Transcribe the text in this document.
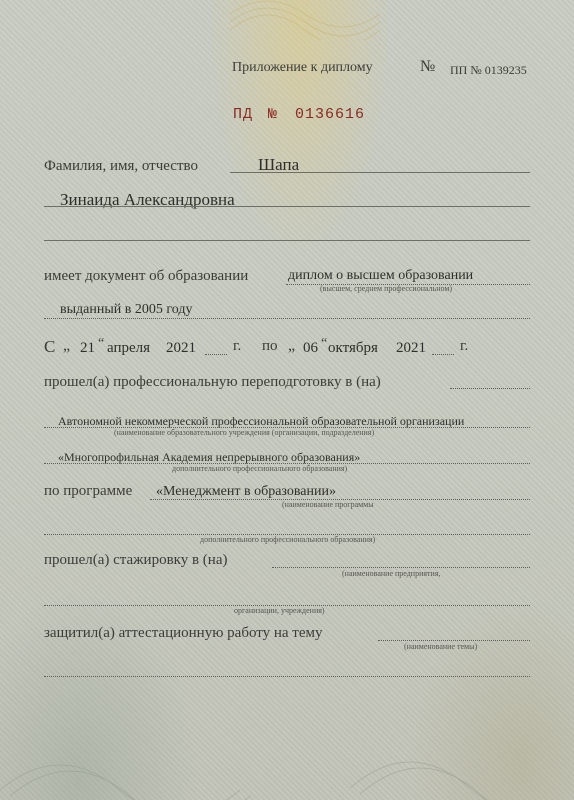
Приложение к диплому	№ ПП № 0139235
ПД № 0136616
Фамилия, имя, отчество	Шапа
Зинаида Александровна
имеет документ об образовании	диплом о высшем образовании
(высшем, среднем профессиональном)
выданный в 2005 году
С „ 21 “ апреля 2021 г. по „ 06 “ октября 2021 г.
прошел(а) профессиональную переподготовку в (на)
Автономной некоммерческой профессиональной образовательной организации
(наименование образовательного учреждения (организации, подразделения)
«Многопрофильная Академия непрерывного образования»
дополнительного профессионального образования)
по программе «Менеджмент в образовании»
(наименование программы
дополнительного профессионального образования)
прошел(а) стажировку в (на)
(наименование предприятия,
организации, учреждения)
защитил(а) аттестационную работу на тему
(наименование темы)
